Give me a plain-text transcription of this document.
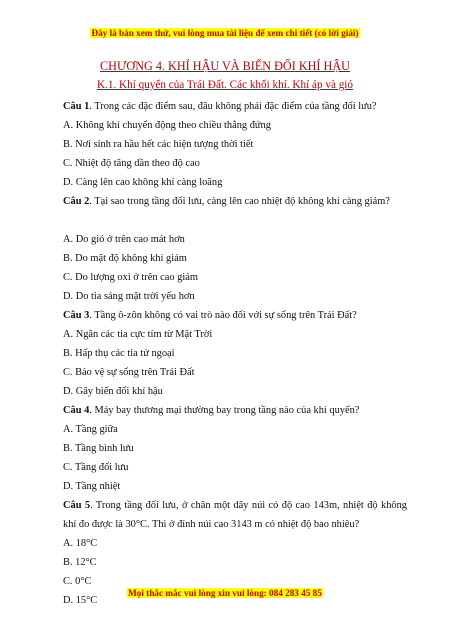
Đây là bản xem thử, vui lòng mua tài liệu để xem chi tiết (có lời giải)
CHƯƠNG 4. KHÍ HẬU VÀ BIẾN ĐỔI KHÍ HẬU
K.1. Khí quyển của Trái Đất. Các khối khí. Khí áp và gió
Câu 1. Trong các đặc điểm sau, đâu không phải đặc điểm của tầng đối lưu?
A. Không khí chuyển động theo chiều thẳng đứng
B. Nơi sinh ra hầu hết các hiện tượng thời tiết
C. Nhiệt độ tăng dần theo độ cao
D. Càng lên cao không khí càng loãng
Câu 2. Tại sao trong tầng đối lưu, càng lên cao nhiệt độ không khí càng giảm?
A. Do gió ở trên cao mát hơn
B. Do mật độ không khí giảm
C. Do lượng oxi ở trên cao giảm
D. Do tia sáng mặt trời yếu hơn
Câu 3. Tầng ô-zôn không có vai trò nào đối với sự sống trên Trái Đất?
A. Ngăn các tia cực tím từ Mặt Trời
B. Hấp thụ các tia tử ngoại
C. Bảo vệ sự sống trên Trái Đất
D. Gây biến đổi khí hậu
Câu 4. Máy bay thương mại thường bay trong tầng nào của khí quyển?
A. Tầng giữa
B. Tầng bình lưu
C. Tầng đối lưu
D. Tầng nhiệt
Câu 5. Trong tầng đối lưu, ở chân một dãy núi có độ cao 143m, nhiệt độ không khí đo được là 30°C. Thì ở đỉnh núi cao 3143 m có nhiệt độ bao nhiêu?
A. 18°C
B. 12°C
C. 0°C
D. 15°C
Mọi thắc mắc vui lòng xin vui lòng: 084 283 45 85
